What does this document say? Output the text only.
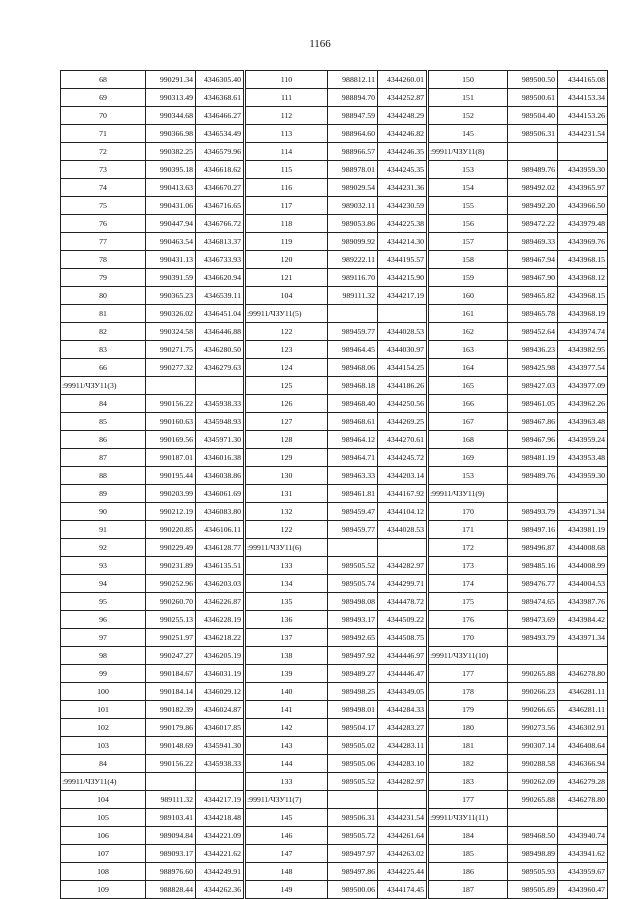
1166
68	990291.34	4346305.40	110	988812.11	4344260.01	150	989500.50	4344165.08
69	990313.49	4346368.61	111	988894.70	4344252.87	151	989500.61	4344153.34
70	990344.68	4346466.27	112	988947.59	4344248.29	152	989504.40	4344153.26
71	990366.98	4346534.49	113	988964.60	4344246.82	145	989506.31	4344231.54
72	990382.25	4346579.96	114	988966.57	4344246.35	:99911/ЧЗУ11(8)		
73	990395.18	4346618.62	115	988978.01	4344245.35	153	989489.76	4343959.30
74	990413.63	4346670.27	116	989029.54	4344231.36	154	989492.02	4343965.97
75	990431.06	4346716.65	117	989032.11	4344230.59	155	989492.20	4343966.50
76	990447.94	4346766.72	118	989053.86	4344225.38	156	989472.22	4343979.48
77	990463.54	4346813.37	119	989099.92	4344214.30	157	989469.33	4343969.76
78	990431.13	4346733.93	120	989222.11	4344195.57	158	989467.94	4343968.15
79	990391.59	4346620.94	121	989116.70	4344215.90	159	989467.90	4343968.12
80	990365.23	4346539.11	104	989111.32	4344217.19	160	989465.82	4343968.15
81	990326.02	4346451.04	:99911/ЧЗУ11(5)			161	989465.78	4343968.19
82	990324.58	4346446.88	122	989459.77	4344028.53	162	989452.64	4343974.74
83	990271.75	4346280.50	123	989464.45	4344030.97	163	989436.23	4343982.95
66	990277.32	4346279.63	124	989468.06	4344154.25	164	989425.98	4343977.54
:99911/ЧЗУ11(3)			125	989468.18	4344186.26	165	989427.03	4343977.09
84	990156.22	4345938.33	126	989468.40	4344250.56	166	989461.05	4343962.26
85	990160.63	4345948.93	127	989468.61	4344269.25	167	989467.86	4343963.48
86	990169.56	4345971.30	128	989464.12	4344270.61	168	989467.96	4343959.24
87	990187.01	4346016.38	129	989464.71	4344245.72	169	989481.19	4343953.48
88	990195.44	4346038.86	130	989463.33	4344203.14	153	989489.76	4343959.30
89	990203.99	4346061.69	131	989461.81	4344167.92	:99911/ЧЗУ11(9)		
90	990212.19	4346083.80	132	989459.47	4344104.12	170	989493.79	4343971.34
91	990220.85	4346106.11	122	989459.77	4344028.53	171	989497.16	4343981.19
92	990229.49	4346128.77	:99911/ЧЗУ11(6)			172	989496.87	4344008.68
93	990231.89	4346135.51	133	989505.52	4344282.97	173	989485.16	4344008.99
94	990252.96	4346203.03	134	989505.74	4344299.71	174	989476.77	4344004.53
95	990260.70	4346226.87	135	989498.08	4344478.72	175	989474.65	4343987.76
96	990255.13	4346228.19	136	989493.17	4344509.22	176	989473.69	4343984.42
97	990251.97	4346218.22	137	989492.65	4344508.75	170	989493.79	4343971.34
98	990247.27	4346205.19	138	989497.92	4344446.97	:99911/ЧЗУ11(10)		
99	990184.67	4346031.19	139	989489.27	4344446.47	177	990265.88	4346278.80
100	990184.14	4346029.12	140	989498.25	4344349.05	178	990266.23	4346281.11
101	990182.39	4346024.87	141	989498.01	4344284.33	179	990266.65	4346281.11
102	990179.86	4346017.85	142	989504.17	4344283.27	180	990273.56	4346302.91
103	990148.69	4345941.30	143	989505.02	4344283.11	181	990307.14	4346408.64
84	990156.22	4345938.33	144	989505.06	4344283.10	182	990288.58	4346366.94
:99911/ЧЗУ11(4)			133	989505.52	4344282.97	183	990262.09	4346279.28
104	989111.32	4344217.19	:99911/ЧЗУ11(7)			177	990265.88	4346278.80
105	989103.41	4344218.48	145	989506.31	4344231.54	:99911/ЧЗУ11(11)		
106	989094.84	4344221.09	146	989505.72	4344261.64	184	989468.50	4343940.74
107	989093.17	4344221.62	147	989497.97	4344263.02	185	989498.89	4343941.62
108	988976.60	4344249.91	148	989497.86	4344225.44	186	989505.93	4343959.67
109	988828.44	4344262.36	149	989500.06	4344174.45	187	989505.89	4343960.47
